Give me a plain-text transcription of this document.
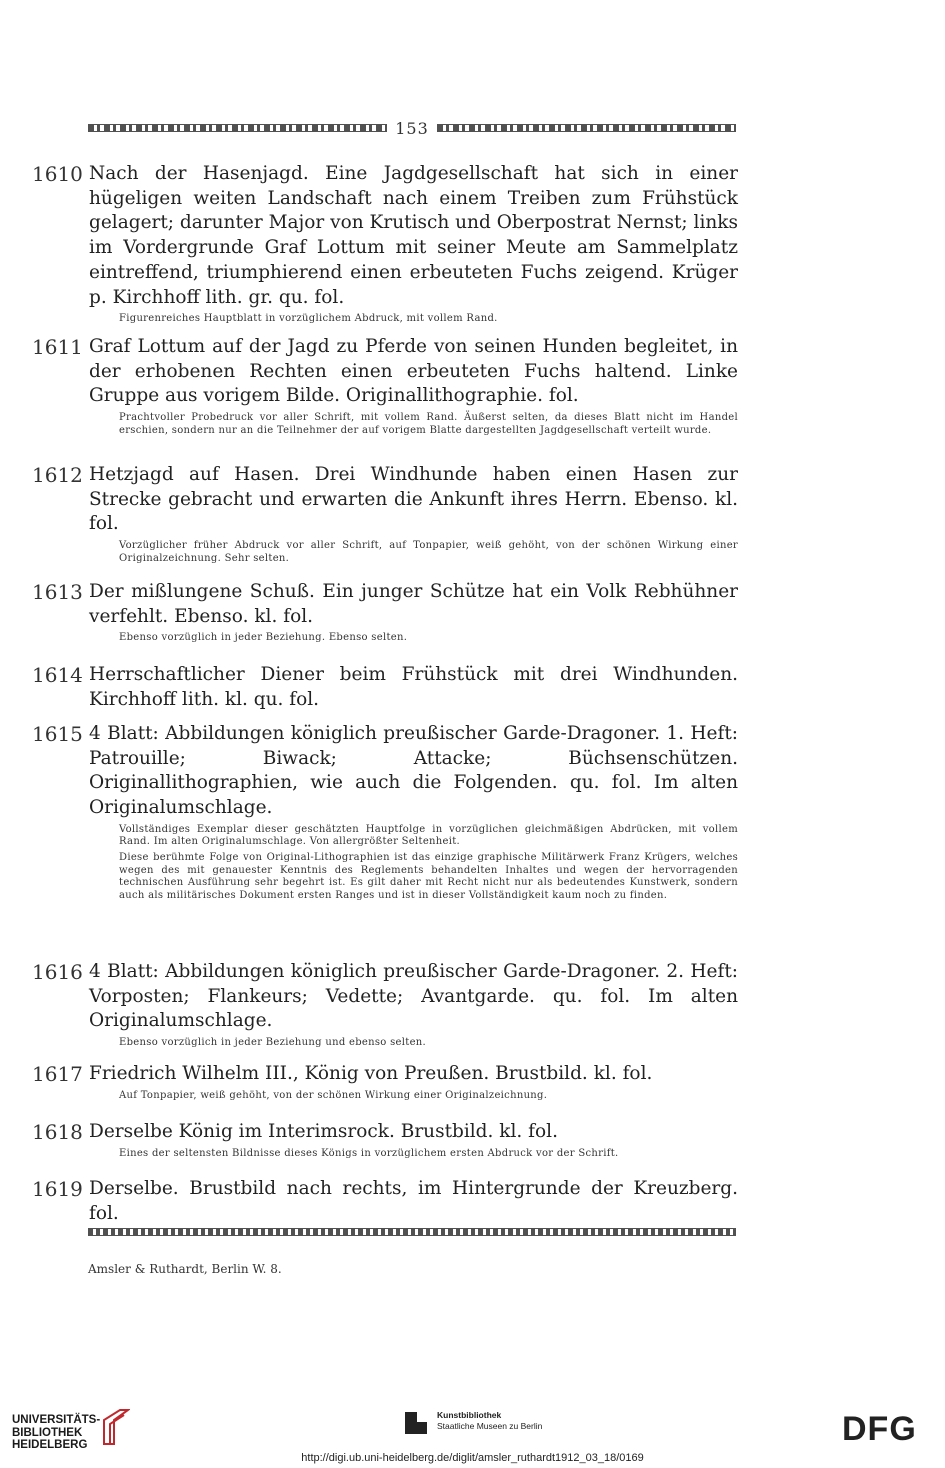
153
1610 Nach der Hasenjagd. Eine Jagdgesellschaft hat sich in einer hügeligen weiten Landschaft nach einem Treiben zum Frühstück gelagert; darunter Major von Krutisch und Oberpostrat Nernst; links im Vordergrunde Graf Lottum mit seiner Meute am Sammelplatz eintreffend, triumphierend einen erbeuteten Fuchs zeigend. Krüger p. Kirchhoff lith. gr. qu. fol.

Figurenreiches Hauptblatt in vorzüglichem Abdruck, mit vollem Rand.

1611 Graf Lottum auf der Jagd zu Pferde von seinen Hunden begleitet, in der erhobenen Rechten einen erbeuteten Fuchs haltend. Linke Gruppe aus vorigem Bilde. Originallithographie. fol.

Prachtvoller Probedruck vor aller Schrift, mit vollem Rand. Äußerst selten, da dieses Blatt nicht im Handel erschien, sondern nur an die Teilnehmer der auf vorigem Blatte dargestellten Jagdgesellschaft verteilt wurde.

1612 Hetzjagd auf Hasen. Drei Windhunde haben einen Hasen zur Strecke gebracht und erwarten die Ankunft ihres Herrn. Ebenso. kl. fol.

Vorzüglicher früher Abdruck vor aller Schrift, auf Tonpapier, weiß gehöht, von der schönen Wirkung einer Originalzeichnung. Sehr selten.

1613 Der mißlungene Schuß. Ein junger Schütze hat ein Volk Rebhühner verfehlt. Ebenso. kl. fol.

Ebenso vorzüglich in jeder Beziehung. Ebenso selten.

1614 Herrschaftlicher Diener beim Frühstück mit drei Windhunden. Kirchhoff lith. kl. qu. fol.

1615 4 Blatt: Abbildungen königlich preußischer Garde-Dragoner. 1. Heft: Patrouille; Biwack; Attacke; Büchsenschützen. Originallithographien, wie auch die Folgenden. qu. fol. Im alten Originalumschlage.

Vollständiges Exemplar dieser geschätzten Hauptfolge in vorzüglichen gleichmäßigen Abdrücken, mit vollem Rand. Im alten Originalumschlage. Von allergrößter Seltenheit.

Diese berühmte Folge von Original-Lithographien ist das einzige graphische Militärwerk Franz Krügers, welches wegen des mit genauester Kenntnis des Reglements behandelten Inhaltes und wegen der hervorragenden technischen Ausführung sehr begehrt ist. Es gilt daher mit Recht nicht nur als bedeutendes Kunstwerk, sondern auch als militärisches Dokument ersten Ranges und ist in dieser Vollständigkeit kaum noch zu finden.

1616 4 Blatt: Abbildungen königlich preußischer Garde-Dragoner. 2. Heft: Vorposten; Flankeurs; Vedette; Avantgarde. qu. fol. Im alten Originalumschlage.

Ebenso vorzüglich in jeder Beziehung und ebenso selten.

1617 Friedrich Wilhelm III., König von Preußen. Brustbild. kl. fol.

Auf Tonpapier, weiß gehöht, von der schönen Wirkung einer Originalzeichnung.

1618 Derselbe König im Interimsrock. Brustbild. kl. fol.

Eines der seltensten Bildnisse dieses Königs in vorzüglichem ersten Abdruck vor der Schrift.

1619 Derselbe. Brustbild nach rechts, im Hintergrunde der Kreuzberg. fol.

Amsler & Ruthardt, Berlin W. 8.
UNIVERSITÄTS-
BIBLIOTHEK
HEIDELBERG
Kunstbibliothek
Staatliche Museen zu Berlin	DFG
http://digi.ub.uni-heidelberg.de/diglit/amsler_ruthardt1912_03_18/0169
